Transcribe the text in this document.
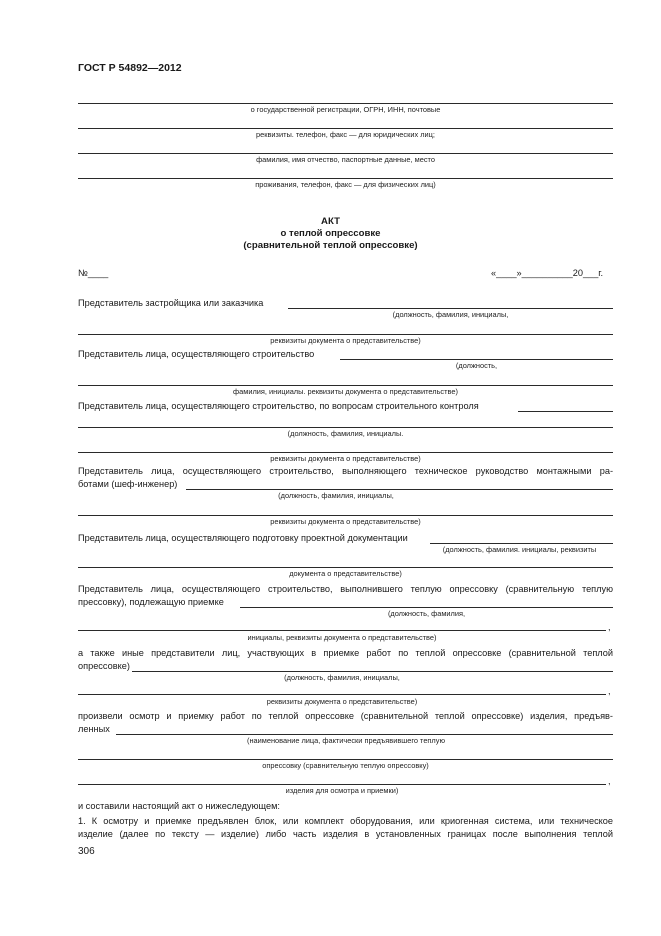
ГОСТ Р 54892—2012
о государственной регистрации, ОГРН, ИНН, почтовые
реквизиты. телефон, факс — для юридических лиц;
фамилия, имя отчество, паспортные данные, место
проживания, телефон, факс — для физических лиц)
АКТ
о теплой опрессовке
(сравнительной теплой опрессовке)
№____	«____»__________20___г.
Представитель застройщика или заказчика
(должность, фамилия, инициалы,
реквизиты документа о представительстве)
Представитель лица, осуществляющего строительство
(должность,
фамилия, инициалы. реквизиты документа о представительстве)
Представитель лица, осуществляющего строительство, по вопросам строительного контроля
(должность, фамилия, инициалы.
реквизиты документа о представительстве)
Представитель лица, осуществляющего строительство, выполняющего техническое руководство монтажными ра-
ботами (шеф-инженер)
(должность, фамилия, инициалы,
реквизиты документа о представительстве)
Представитель лица, осуществляющего подготовку проектной документации
(должность, фамилия. инициалы, реквизиты
документа о представительстве)
Представитель лица, осуществляющего строительство, выполнившего теплую опрессовку (сравнительную теплую
прессовку), подлежащую приемке
(должность, фамилия,
,
инициалы, реквизиты документа о представительстве)
а также иные представители лиц, участвующих в приемке работ по теплой опрессовке (сравнительной теплой
опрессовке)
(должность, фамилия, инициалы,
,
реквизиты документа о представительстве)
произвели осмотр и приемку работ по теплой опрессовке (сравнительной теплой опрессовке) изделия, предъяв-
ленных
(наименование лица, фактически предъявившего теплую
опрессовку (сравнительную теплую опрессовку)
,
изделия для осмотра и приемки)
и составили настоящий акт о нижеследующем:
1. К осмотру и приемке предъявлен блок, или комплект оборудования, или криогенная система, или техническое
изделие (далее по тексту — изделие) либо часть изделия в установленных границах после выполнения теплой
306
